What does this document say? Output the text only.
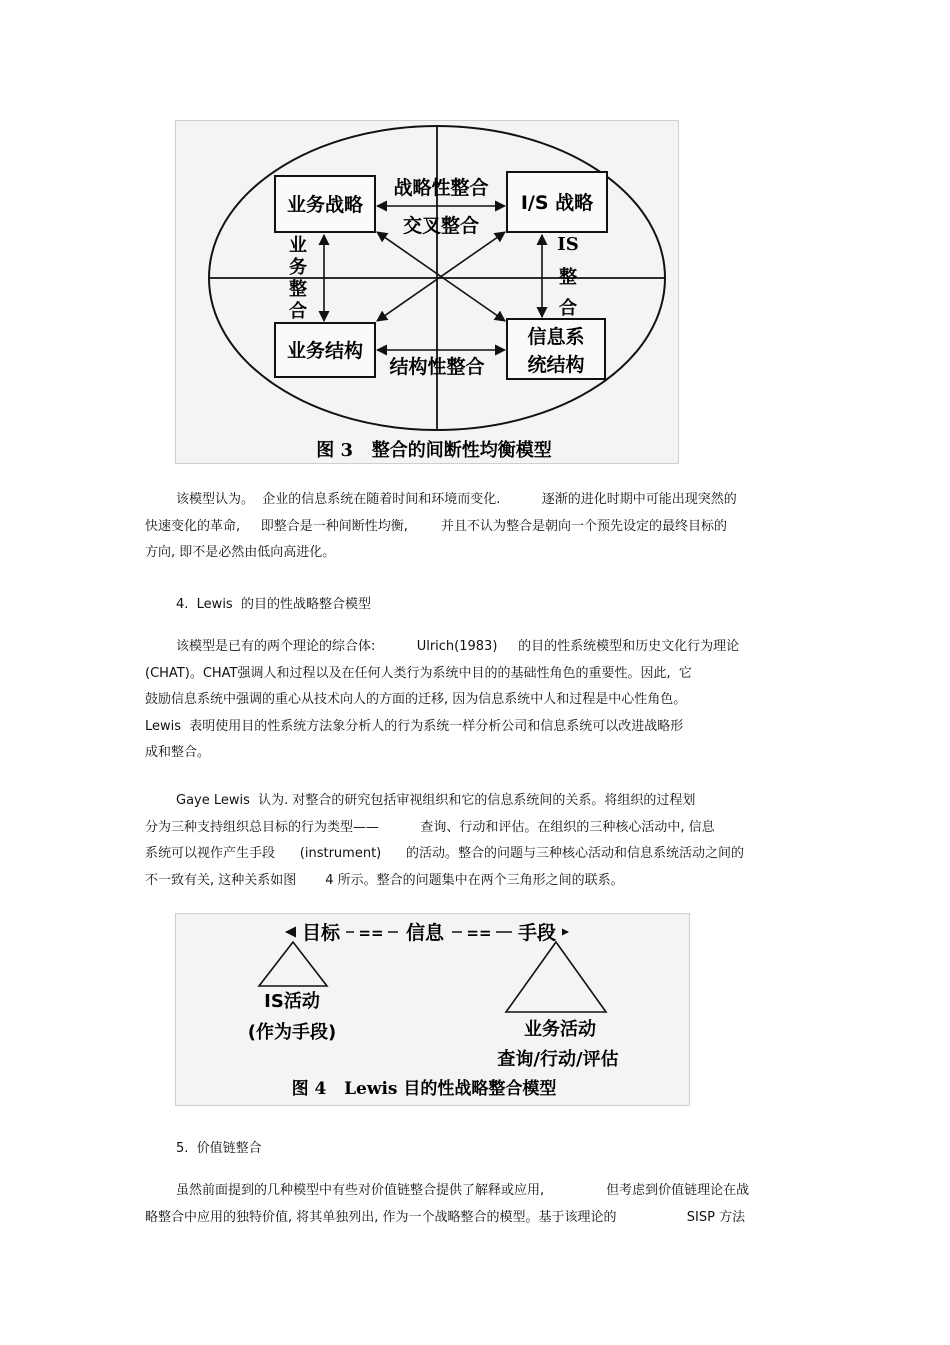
业务战略	I/S 战略
业务结构
信息系
统结构
战略性整合
交叉整合
结构性整合
业
务
整
合
IS
整
合
图 3   整合的间断性均衡模型
该模型认为。  企业的信息系统在随着时间和环境而变化.          逐渐的进化时期中可能出现突然的
快速变化的革命,     即整合是一种间断性均衡,        并且不认为整合是朝向一个预先设定的最终目标的
方向, 即不是必然由低向高进化。
4.  Lewis  的目的性战略整合模型
该模型是已有的两个理论的综合体:          Ulrich(1983)     的目的性系统模型和历史文化行为理论
(CHAT)。CHAT强调人和过程以及在任何人类行为系统中目的的基础性角色的重要性。因此,  它
鼓励信息系统中强调的重心从技术向人的方面的迁移, 因为信息系统中人和过程是中心性角色。
Lewis  表明使用目的性系统方法象分析人的行为系统一样分析公司和信息系统可以改进战略形
成和整合。
Gaye Lewis  认为. 对整合的研究包括审视组织和它的信息系统间的关系。将组织的过程划
分为三种支持组织总目标的行为类型——          查询、行动和评估。在组织的三种核心活动中, 信息
系统可以视作产生手段      (instrument)      的活动。整合的问题与三种核心活动和信息系统活动之间的
不一致有关, 这种关系如图       4 所示。整合的问题集中在两个三角形之间的联系。
目标 == 信息 == 手段
IS活动
(作为手段)	业务活动
查询/行动/评估
图 4   Lewis 目的性战略整合模型
5.  价值链整合
虽然前面提到的几种模型中有些对价值链整合提供了解释或应用,               但考虑到价值链理论在战
略整合中应用的独特价值, 将其单独列出, 作为一个战略整合的模型。基于该理论的                 SISP 方法
